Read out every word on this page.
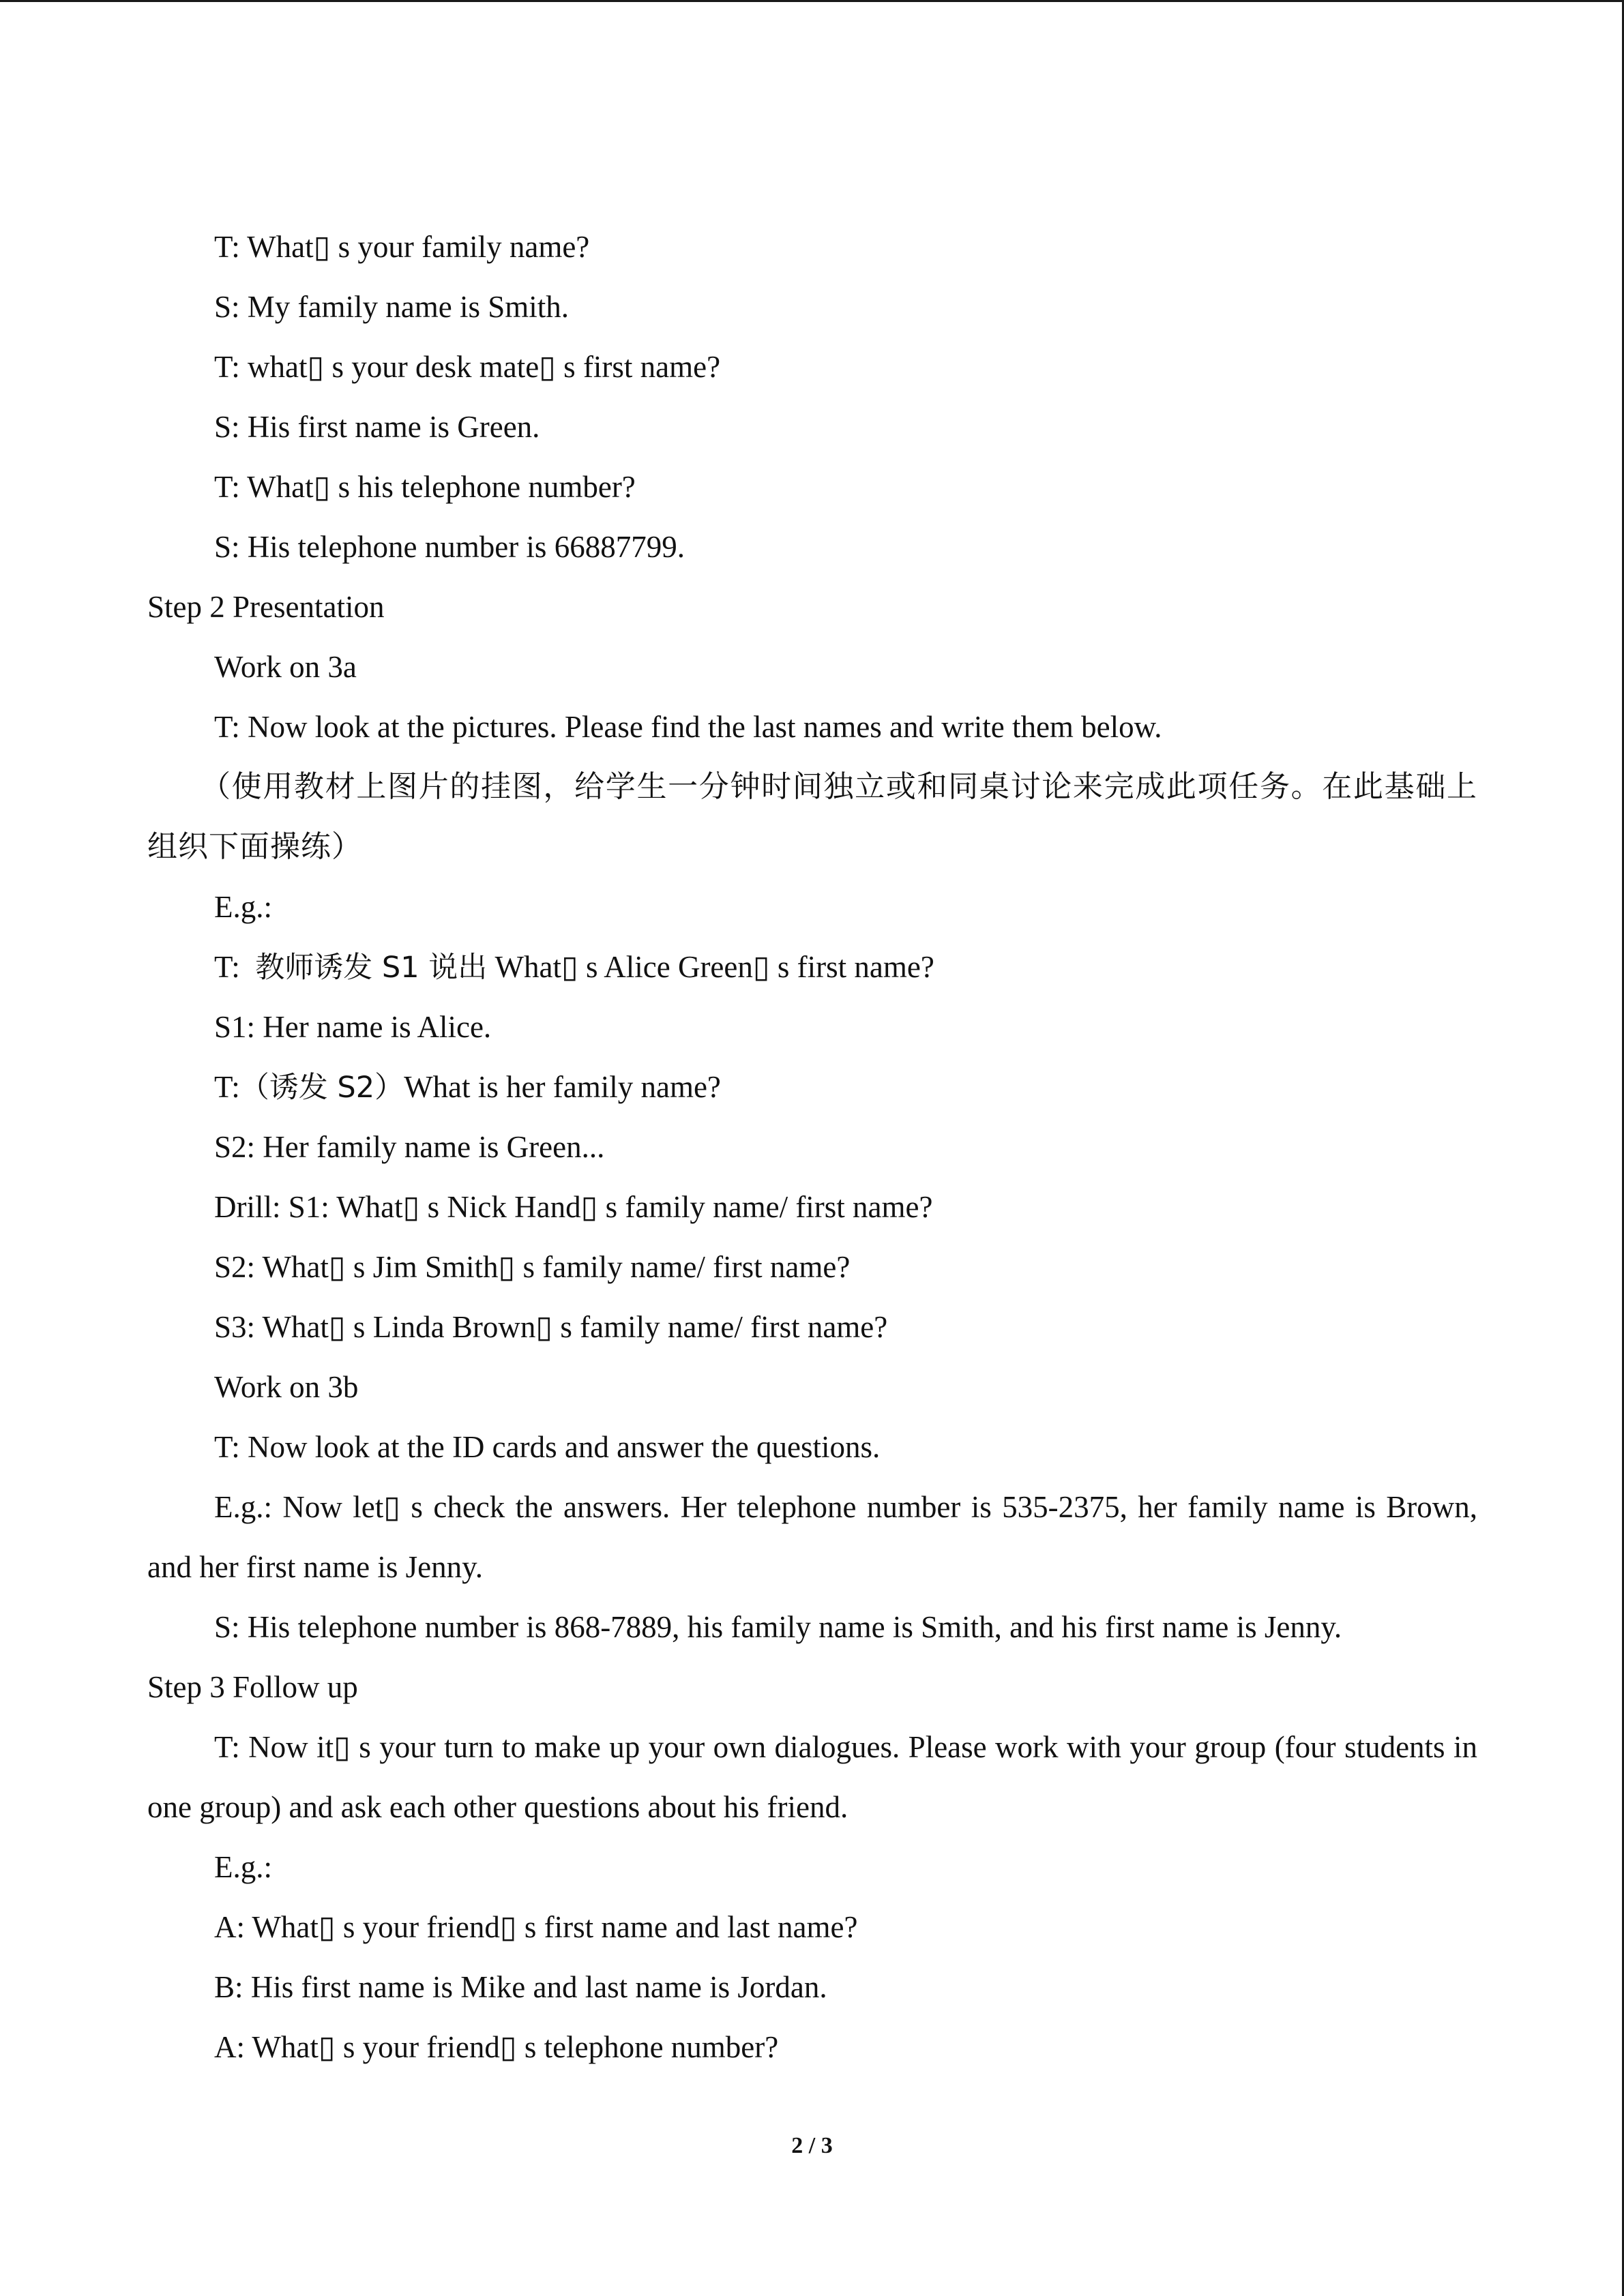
T: What▯ s your family name?
S: My family name is Smith.
T: what▯ s your desk mate▯ s first name?
S: His first name is Green.
T: What▯ s his telephone number?
S: His telephone number is 66887799.
Step 2 Presentation
Work on 3a
T: Now look at the pictures. Please find the last names and write them below.
（使用教材上图片的挂图，给学生一分钟时间独立或和同桌讨论来完成此项任务。在此基础上组织下面操练）
E.g.:
T: 教师诱发 S1 说出 What▯ s Alice Green▯ s first name?
S1: Her name is Alice.
T:（诱发 S2）What is her family name?
S2: Her family name is Green...
Drill: S1: What▯ s Nick Hand▯ s family name/ first name?
S2: What▯ s Jim Smith▯ s family name/ first name?
S3: What▯ s Linda Brown▯ s family name/ first name?
Work on 3b
T: Now look at the ID cards and answer the questions.
E.g.: Now let▯ s check the answers. Her telephone number is 535-2375, her family name is Brown, and her first name is Jenny.
S: His telephone number is 868-7889, his family name is Smith, and his first name is Jenny.
Step 3 Follow up
T: Now it▯ s your turn to make up your own dialogues. Please work with your group (four students in one group) and ask each other questions about his friend.
E.g.:
A: What▯ s your friend▯ s first name and last name?
B: His first name is Mike and last name is Jordan.
A: What▯ s your friend▯ s telephone number?
2 / 3
